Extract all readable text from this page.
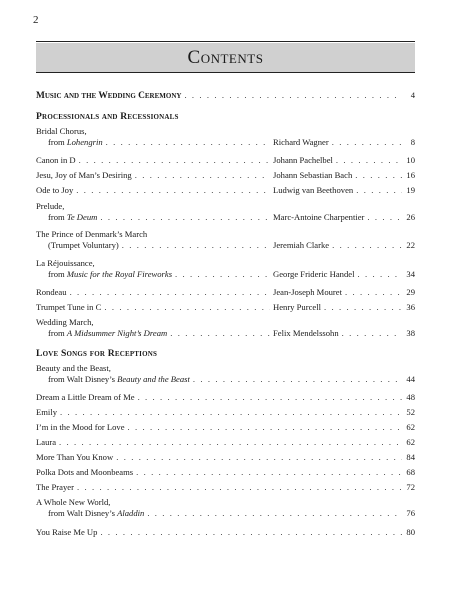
2
Contents
Music and the Wedding Ceremony . . .	4
Processionals and Recessionals
Bridal Chorus,
from Lohengrin . . .	Richard Wagner . . .	8
Canon in D . . .	Johann Pachelbel . . .	10
Jesu, Joy of Man’s Desiring . . .	Johann Sebastian Bach . . .	16
Ode to Joy . . .	Ludwig van Beethoven . . .	19
Prelude,
from Te Deum . . .	Marc-Antoine Charpentier . . .	26
The Prince of Denmark’s March
(Trumpet Voluntary) . . .	Jeremiah Clarke . . .	22
La Réjouissance,
from Music for the Royal Fireworks . . .	George Frideric Handel . . .	34
Rondeau . . .	Jean-Joseph Mouret . . .	29
Trumpet Tune in C . . .	Henry Purcell . . .	36
Wedding March,
from A Midsummer Night’s Dream . . .	Felix Mendelssohn . . .	38
Love Songs for Receptions
Beauty and the Beast,
from Walt Disney’s Beauty and the Beast . . .	44
Dream a Little Dream of Me . . .	48
Emily . . .	52
I’m in the Mood for Love . . .	62
Laura . . .	62
More Than You Know . . .	84
Polka Dots and Moonbeams . . .	68
The Prayer . . .	72
A Whole New World,
from Walt Disney’s Aladdin . . .	76
You Raise Me Up . . .	80
